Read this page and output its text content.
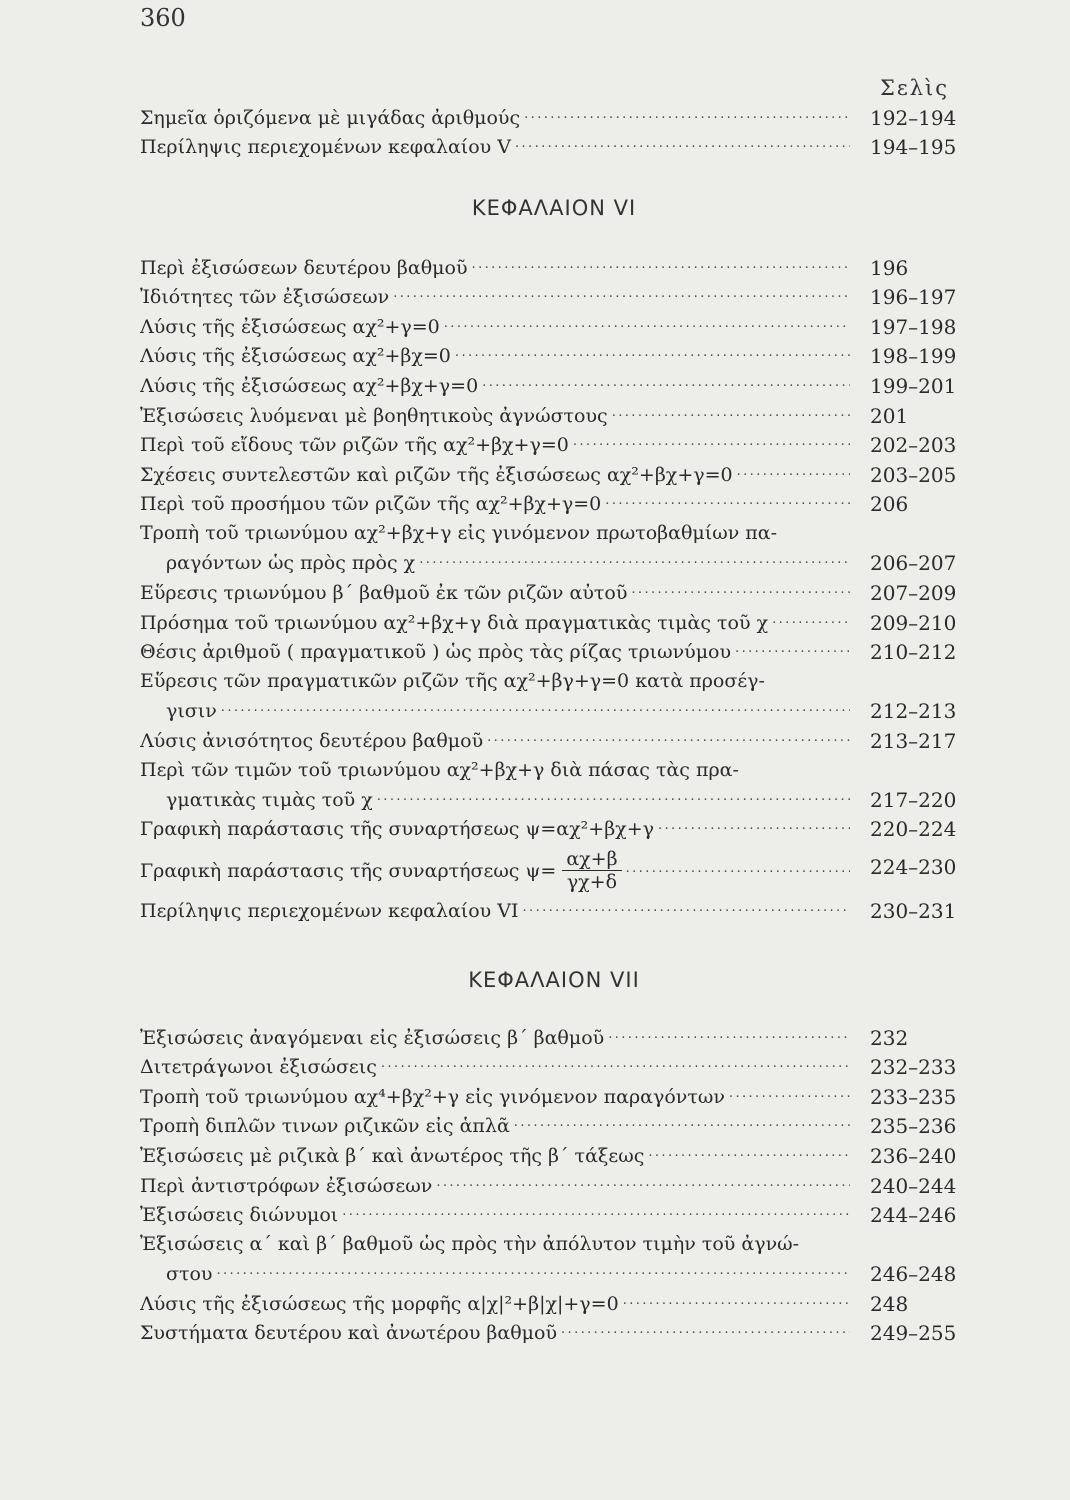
360
Σελὶς
Σημεῖα ὁριζόμενα μὲ μιγάδας ἀριθμούς .....	192–194
Περίληψις περιεχομένων κεφαλαίου V .....	194–195
ΚΕΦΑΛΑΙΟΝ VI
Περὶ ἐξισώσεων δευτέρου βαθμοῦ .....	196
Ἰδιότητες τῶν ἐξισώσεων .....	196–197
Λύσις τῆς ἐξισώσεως αχ²+γ=0 .....	197–198
Λύσις τῆς ἐξισώσεως αχ²+βχ=0 .....	198–199
Λύσις τῆς ἐξισώσεως αχ²+βχ+γ=0 .....	199–201
Ἐξισώσεις λυόμεναι μὲ βοηθητικοὺς ἀγνώστους .....	201
Περὶ τοῦ εἴδους τῶν ριζῶν τῆς αχ²+βχ+γ=0 .....	202–203
Σχέσεις συντελεστῶν καὶ ριζῶν τῆς ἐξισώσεως αχ²+βχ+γ=0 .....	203–205
Περὶ τοῦ προσήμου τῶν ριζῶν τῆς αχ²+βχ+γ=0 .....	206
Τροπὴ τοῦ τριωνύμου αχ²+βχ+γ εἰς γινόμενον πρωτοβαθμίων πα-
ραγόντων ὡς πρὸς πρὸς χ .....	206–207
Εὕρεσις τριωνύμου β΄ βαθμοῦ ἐκ τῶν ριζῶν αὐτοῦ .....	207–209
Πρόσημα τοῦ τριωνύμου αχ²+βχ+γ διὰ πραγματικὰς τιμὰς τοῦ χ .....	209–210
Θέσις ἀριθμοῦ ( πραγματικοῦ ) ὡς πρὸς τὰς ρίζας τριωνύμου .....	210–212
Εὕρεσις τῶν πραγματικῶν ριζῶν τῆς αχ²+βγ+γ=0 κατὰ προσέγ-
γισιν .....	212–213
Λύσις ἀνισότητος δευτέρου βαθμοῦ .....	213–217
Περὶ τῶν τιμῶν τοῦ τριωνύμου αχ²+βχ+γ διὰ πάσας τὰς πρα-
γματικὰς τιμὰς τοῦ χ .....	217–220
Γραφικὴ παράστασις τῆς συναρτήσεως ψ=αχ²+βχ+γ .....	220–224
Γραφικὴ παράστασις τῆς συναρτήσεως $\psi= \frac{\alpha\chi+\beta}{\gamma\chi+\delta}$ .....	224–230
Περίληψις περιεχομένων κεφαλαίου VI .....	230–231
ΚΕΦΑΛΑΙΟΝ VII
Ἐξισώσεις ἀναγόμεναι εἰς ἐξισώσεις β΄ βαθμοῦ .....	232
Διτετράγωνοι ἐξισώσεις .....	232–233
Τροπὴ τοῦ τριωνύμου αχ⁴+βχ²+γ εἰς γινόμενον παραγόντων .....	233–235
Τροπὴ διπλῶν τινων ριζικῶν εἰς ἁπλᾶ .....	235–236
Ἐξισώσεις μὲ ριζικὰ β΄ καὶ ἀνωτέρος τῆς β΄ τάξεως .....	236–240
Περὶ ἀντιστρόφων ἐξισώσεων .....	240–244
Ἐξισώσεις διώνυμοι .....	244–246
Ἐξισώσεις α΄ καὶ β΄ βαθμοῦ ὡς πρὸς τὴν ἀπόλυτον τιμὴν τοῦ ἀγνώ-
στου .....	246–248
Λύσις τῆς ἐξισώσεως τῆς μορφῆς α|χ|²+β|χ|+γ=0 .....	248
Συστήματα δευτέρου καὶ ἀνωτέρου βαθμοῦ .....	249–255
